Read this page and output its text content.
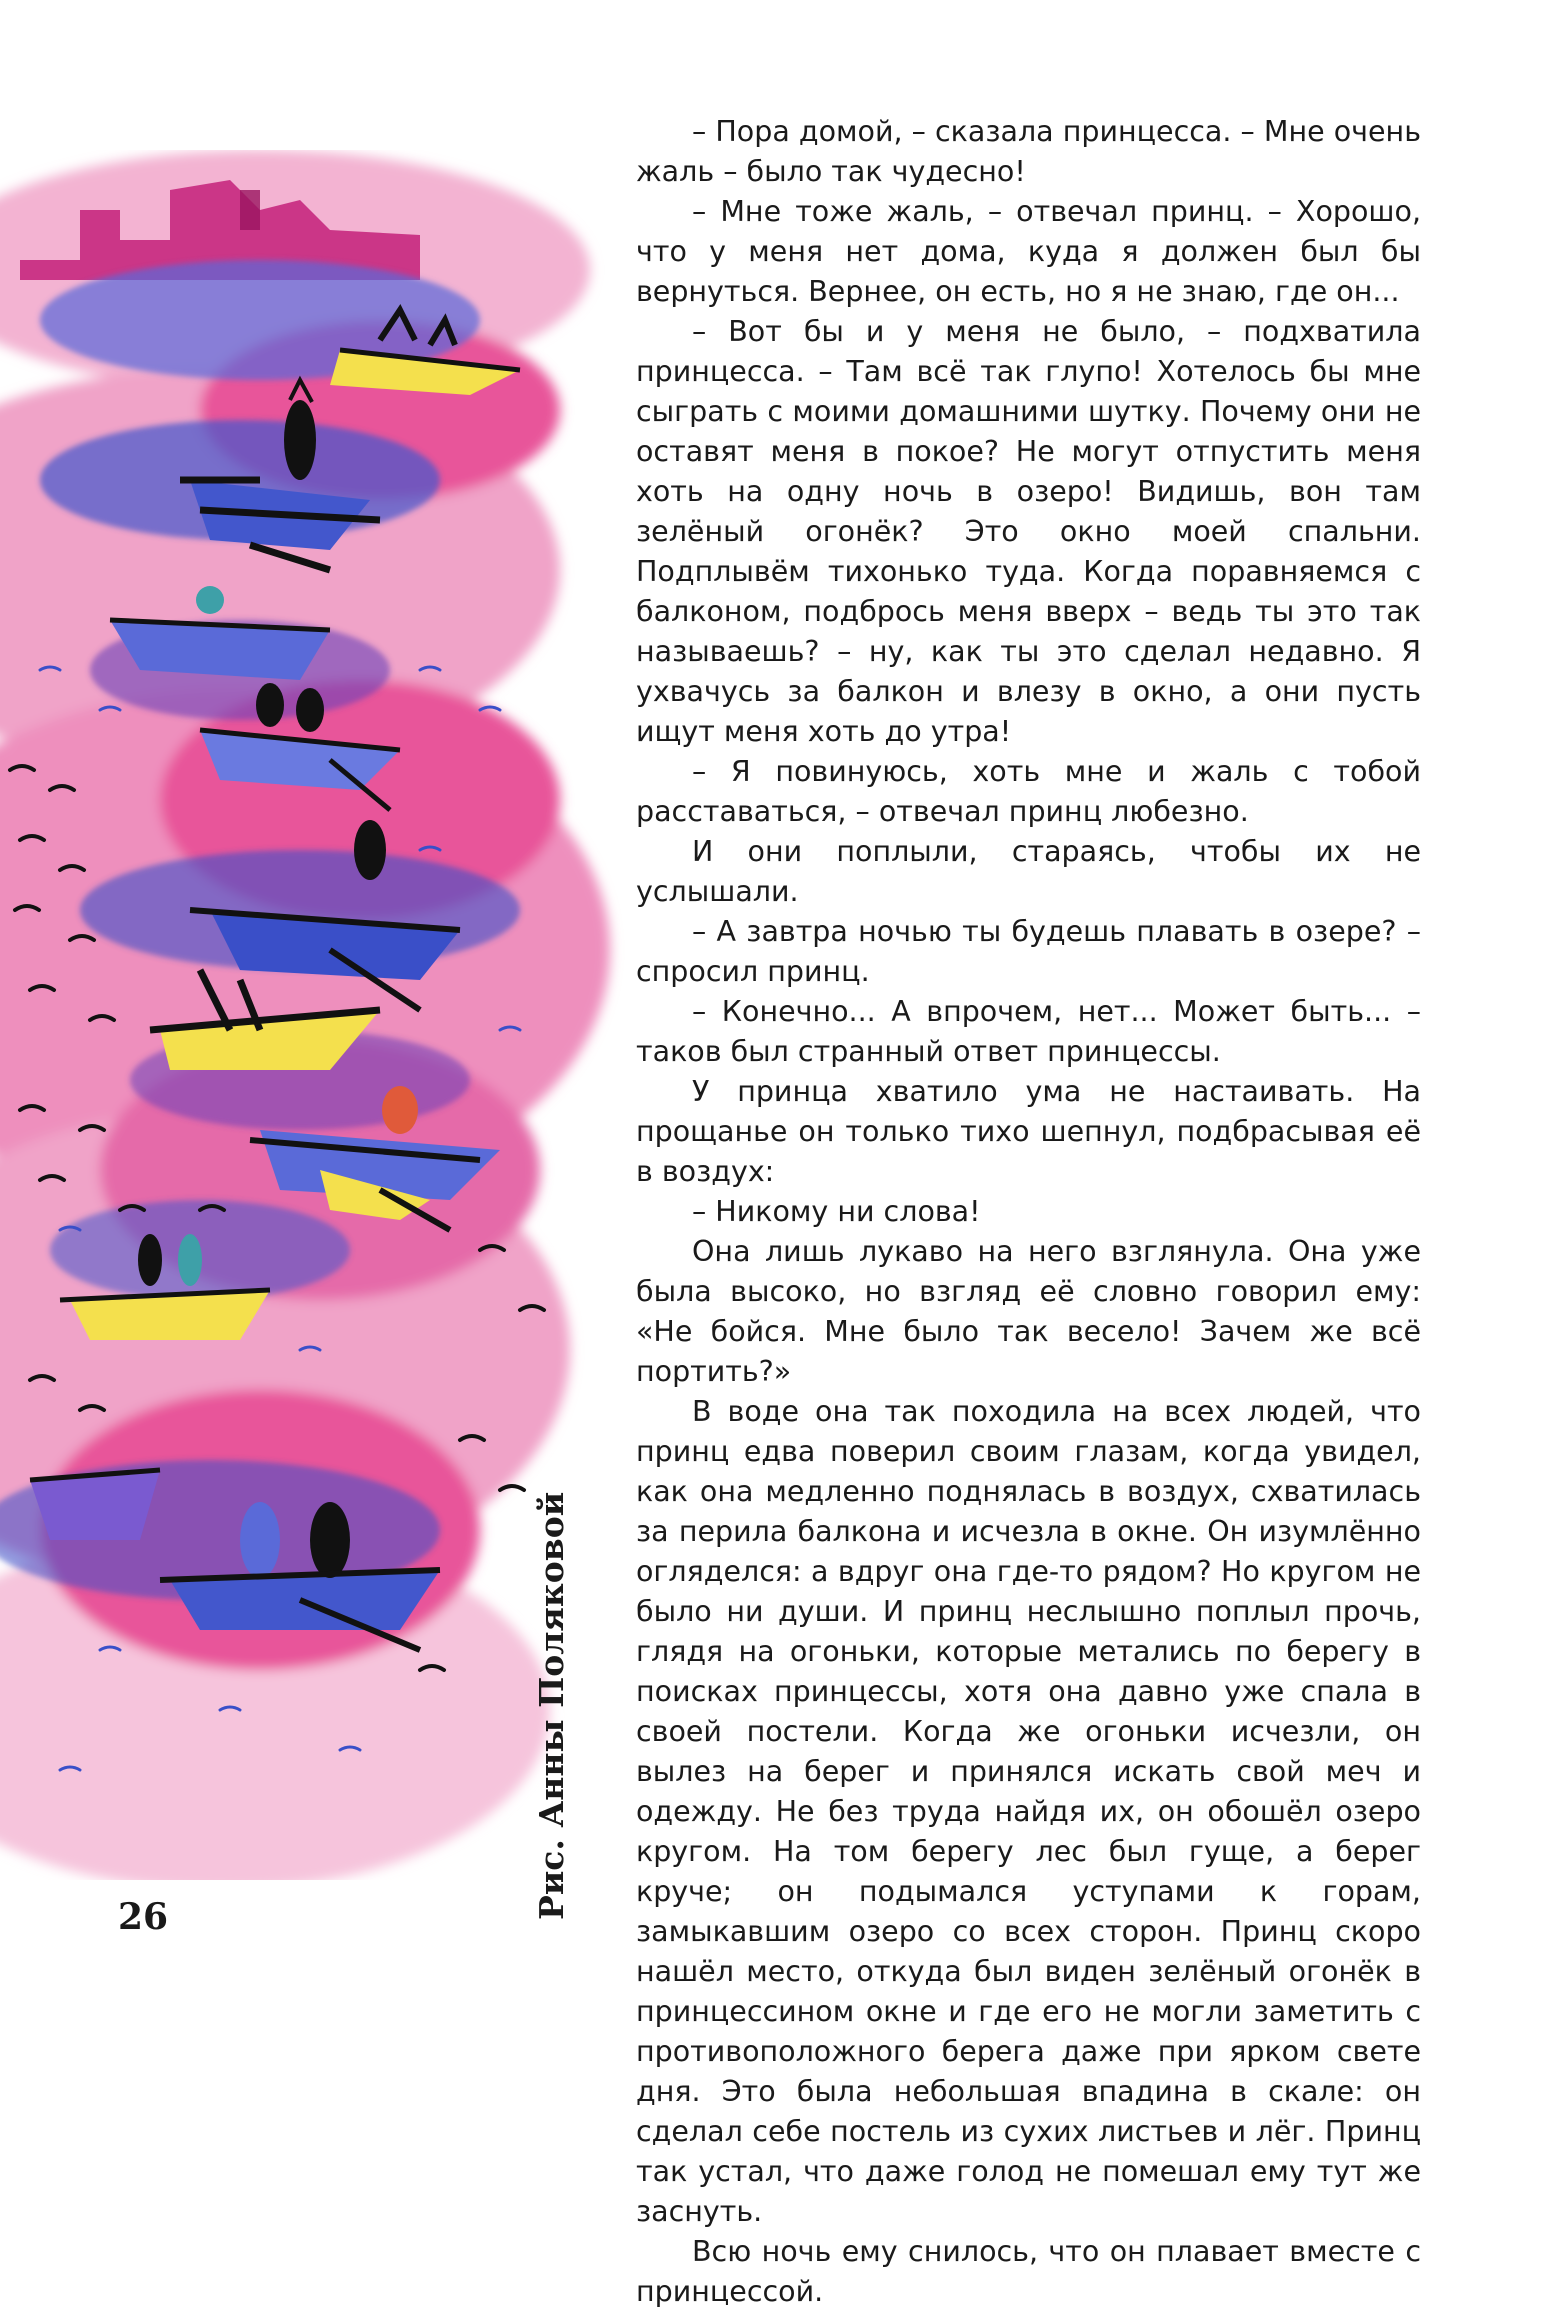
– Пора домой, – сказала принцесса. – Мне очень жаль – было так чудесно!

– Мне тоже жаль, – отвечал принц. – Хорошо, что у меня нет дома, куда я должен был бы вернуться. Вернее, он есть, но я не знаю, где он...

– Вот бы и у меня не было, – подхватила принцесса. – Там всё так глупо! Хотелось бы мне сыграть с моими домашними шутку. Почему они не оставят меня в покое? Не могут отпустить меня хоть на одну ночь в озеро! Видишь, вон там зелёный огонёк? Это окно моей спальни. Подплывём тихонько туда. Когда поравняемся с балконом, подбрось меня вверх – ведь ты это так называешь? – ну, как ты это сделал недавно. Я ухвачусь за балкон и влезу в окно, а они пусть ищут меня хоть до утра!

– Я повинуюсь, хоть мне и жаль с тобой расставаться, – отвечал принц любезно.

И они поплыли, стараясь, чтобы их не услышали.

– А завтра ночью ты будешь плавать в озере? – спросил принц.

– Конечно... А впрочем, нет... Может быть... – таков был странный ответ принцессы.

У принца хватило ума не настаивать. На прощанье он только тихо шепнул, подбрасывая её в воздух:

– Никому ни слова!

Она лишь лукаво на него взглянула. Она уже была высоко, но взгляд её словно говорил ему: «Не бойся. Мне было так весело! Зачем же всё портить?»

В воде она так походила на всех людей, что принц едва поверил своим глазам, когда увидел, как она медленно поднялась в воздух, схватилась за перила балкона и исчезла в окне. Он изумлённо огляделся: а вдруг она где-то рядом? Но кругом не было ни души. И принц неслышно поплыл прочь, глядя на огоньки, которые метались по берегу в поисках принцессы, хотя она давно уже спала в своей постели. Когда же огоньки исчезли, он вылез на берег и принялся искать свой меч и одежду. Не без труда найдя их, он обошёл озеро кругом. На том берегу лес был гуще, а берег круче; он подымался уступами к горам, замыкавшим озеро со всех сторон. Принц скоро нашёл место, откуда был виден зелёный огонёк в принцессином окне и где его не могли заметить с противоположного берега даже при ярком свете дня. Это была небольшая впадина в скале: он сделал себе постель из сухих листьев и лёг. Принц так устал, что даже голод не помешал ему тут же заснуть.

Всю ночь ему снилось, что он плавает вместе с принцессой.

Рис. Анны Поляковой
26
